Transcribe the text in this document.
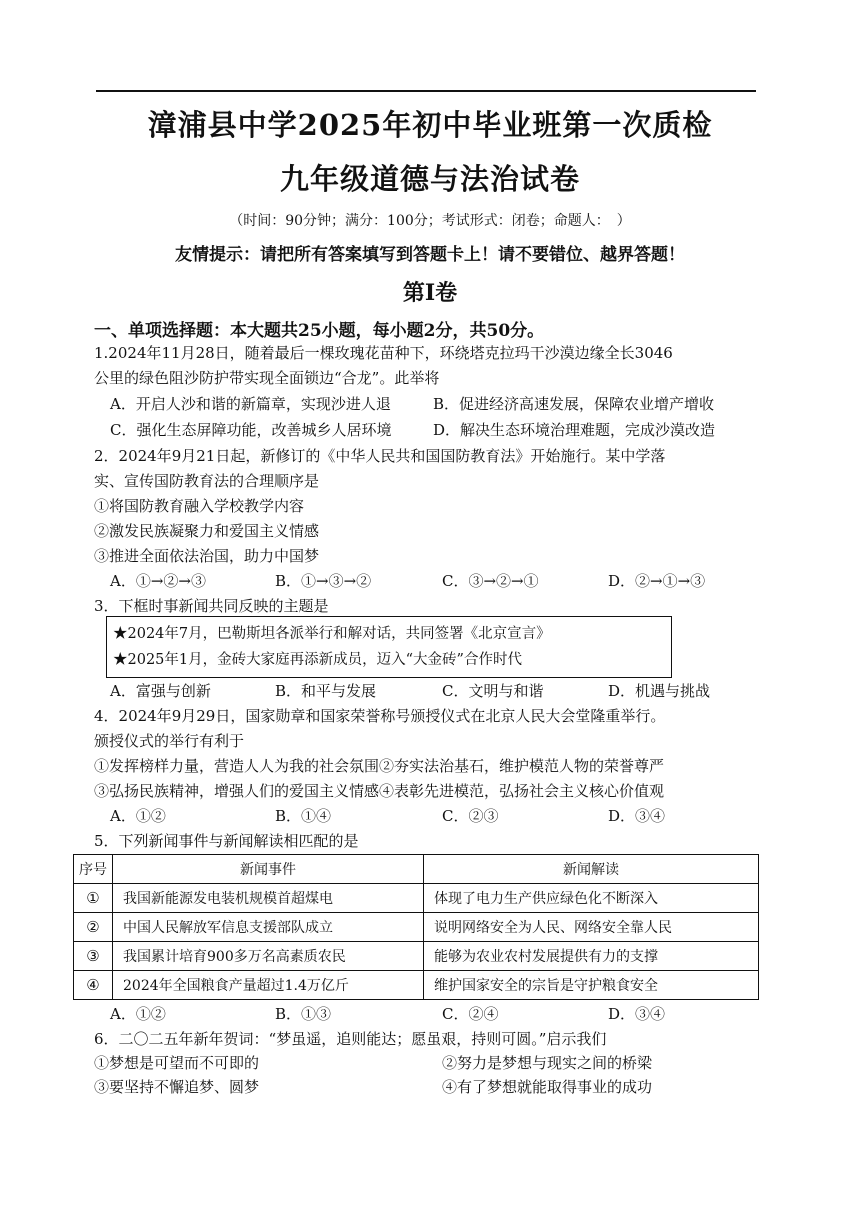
漳浦县中学2025年初中毕业班第一次质检
九年级道德与法治试卷
（时间：90分钟；满分：100分；考试形式：闭卷；命题人：　）
友情提示：请把所有答案填写到答题卡上！请不要错位、越界答题！
第Ⅰ卷
一、单项选择题：本大题共25小题，每小题2分，共50分。
1.2024年11月28日，随着最后一棵玫瑰花苗种下，环绕塔克拉玛干沙漠边缘全长3046
公里的绿色阻沙防护带实现全面锁边“合龙”。此举将
A．开启人沙和谐的新篇章，实现沙进人退	B．促进经济高速发展，保障农业增产增收
C．强化生态屏障功能，改善城乡人居环境	D．解决生态环境治理难题，完成沙漠改造
2．2024年9月21日起，新修订的《中华人民共和国国防教育法》开始施行。某中学落
实、宣传国防教育法的合理顺序是
①将国防教育融入学校教学内容
②激发民族凝聚力和爱国主义情感
③推进全面依法治国，助力中国梦
A．①→②→③	B．①→③→②	C．③→②→①	D．②→①→③
3．下框时事新闻共同反映的主题是
★2024年7月，巴勒斯坦各派举行和解对话，共同签署《北京宣言》
★2025年1月，金砖大家庭再添新成员，迈入“大金砖”合作时代
A．富强与创新	B．和平与发展	C．文明与和谐	D．机遇与挑战
4．2024年9月29日，国家勋章和国家荣誉称号颁授仪式在北京人民大会堂隆重举行。
颁授仪式的举行有利于
①发挥榜样力量，营造人人为我的社会氛围②夯实法治基石，维护模范人物的荣誉尊严
③弘扬民族精神，增强人们的爱国主义情感④表彰先进模范，弘扬社会主义核心价值观
A．①②	B．①④	C．②③	D．③④
5．下列新闻事件与新闻解读相匹配的是
序号	新闻事件	新闻解读
①	我国新能源发电装机规模首超煤电	体现了电力生产供应绿色化不断深入
②	中国人民解放军信息支援部队成立	说明网络安全为人民、网络安全靠人民
③	我国累计培育900多万名高素质农民	能够为农业农村发展提供有力的支撑
④	2024年全国粮食产量超过1.4万亿斤	维护国家安全的宗旨是守护粮食安全
A．①②	B．①③	C．②④	D．③④
6．二〇二五年新年贺词：“梦虽遥，追则能达；愿虽艰，持则可圆。”启示我们
①梦想是可望而不可即的	②努力是梦想与现实之间的桥梁
③要坚持不懈追梦、圆梦	④有了梦想就能取得事业的成功
